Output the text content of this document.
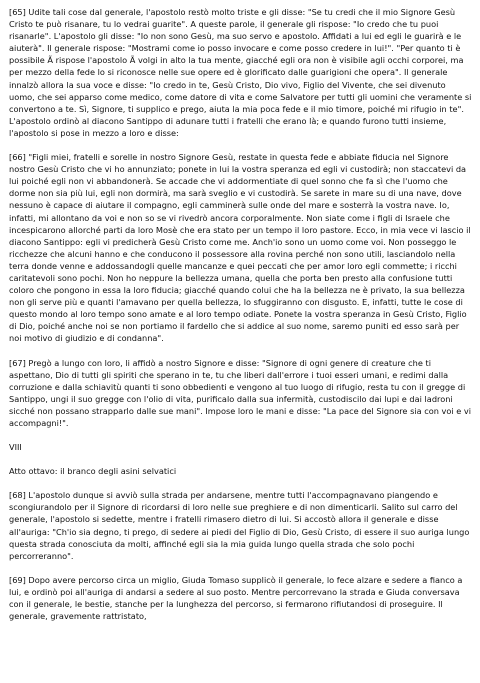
[65] Udite tali cose dal generale, l'apostolo restò molto triste e gli disse: "Se tu credi che il mio Signore Gesù Cristo te può risanare, tu lo vedrai guarite". A queste parole, il generale gli rispose: "Io credo che tu puoi risanarle". L'apostolo gli disse: "Io non sono Gesù, ma suo servo e apostolo. Affidati a lui ed egli le guarirà e le aiuterà". Il generale rispose: "Mostrami come io posso invocare e come posso credere in lui!". "Per quanto ti è possibile Ã rispose l'apostolo Ã volgi in alto la tua mente, giacché egli ora non è visibile agli occhi corporei, ma per mezzo della fede lo si riconosce nelle sue opere ed è glorificato dalle guarigioni che opera". Il generale innalzò allora la sua voce e disse: "Io credo in te, Gesù Cristo, Dio vivo, Figlio del Vivente, che sei divenuto uomo, che sei apparso come medico, come datore di vita e come Salvatore per tutti gli uomini che veramente si convertono a te. Sì, Signore, ti supplico e prego, aiuta la mia poca fede e il mio timore, poiché mi rifugio in te". L'apostolo ordinò al diacono Santippo di adunare tutti i fratelli che erano là; e quando furono tutti insieme, l'apostolo si pose in mezzo a loro e disse:

[66] "Figli miei, fratelli e sorelle in nostro Signore Gesù, restate in questa fede e abbiate fiducia nel Signore nostro Gesù Cristo che vi ho annunziato; ponete in lui la vostra speranza ed egli vi custodirà; non staccatevi da lui poiché egli non vi abbandonerà. Se accade che vi addormentiate di quel sonno che fa sì che l'uomo che dorme non sia più lui, egli non dormirà, ma sarà sveglio e vi custodirà. Se sarete in mare su di una nave, dove nessuno è capace di aiutare il compagno, egli camminerà sulle onde del mare e sosterrà la vostra nave. Io, infatti, mi allontano da voi e non so se vi rivedrò ancora corporalmente. Non siate come i figli di Israele che incespicarono allorché parti da loro Mosè che era stato per un tempo il loro pastore. Ecco, in mia vece vi lascio il diacono Santippo: egli vi predicherà Gesù Cristo come me. Anch'io sono un uomo come voi. Non posseggo le ricchezze che alcuni hanno e che conducono il possessore alla rovina perché non sono utili, lasciandolo nella terra donde venne e addossandogli quelle mancanze e quei peccati che per amor loro egli commette; i ricchi caritatevoli sono pochi. Non ho neppure la bellezza umana, quella che porta ben presto alla confusione tutti coloro che pongono in essa la loro fiducia; giacché quando colui che ha la bellezza ne è privato, la sua bellezza non gli serve più e quanti l'amavano per quella bellezza, lo sfuggiranno con disgusto. E, infatti, tutte le cose di questo mondo al loro tempo sono amate e al loro tempo odiate. Ponete la vostra speranza in Gesù Cristo, Figlio di Dio, poiché anche noi se non portiamo il fardello che si addice al suo nome, saremo puniti ed esso sarà per noi motivo di giudizio e di condanna".

[67] Pregò a lungo con loro, li affidò a nostro Signore e disse: "Signore di ogni genere di creature che ti aspettano, Dio di tutti gli spiriti che sperano in te, tu che liberi dall'errore i tuoi esseri umani, e redimi dalla corruzione e dalla schiavitù quanti ti sono obbedienti e vengono al tuo luogo di rifugio, resta tu con il gregge di Santippo, ungi il suo gregge con l'olio di vita, purificalo dalla sua infermità, custodiscilo dai lupi e dai ladroni sicché non possano strapparlo dalle sue mani". Impose loro le mani e disse: "La pace del Signore sia con voi e vi accompagni!".

VIII

Atto ottavo: il branco degli asini selvatici

[68] L'apostolo dunque si avviò sulla strada per andarsene, mentre tutti l'accompagnavano piangendo e scongiurandolo per il Signore di ricordarsi di loro nelle sue preghiere e di non dimenticarli. Salito sul carro del generale, l'apostolo si sedette, mentre i fratelli rimasero dietro di lui. Si accostò allora il generale e disse all'auriga: "Ch'io sia degno, ti prego, di sedere ai piedi del Figlio di Dio, Gesù Cristo, di essere il suo auriga lungo questa strada conosciuta da molti, affinché egli sia la mia guida lungo quella strada che solo pochi percorreranno".

[69] Dopo avere percorso circa un miglio, Giuda Tomaso supplicò il generale, lo fece alzare e sedere a fianco a lui, e ordinò poi all'auriga di andarsi a sedere al suo posto. Mentre percorrevano la strada e Giuda conversava con il generale, le bestie, stanche per la lunghezza del percorso, si fermarono rifiutandosi di proseguire. Il generale, gravemente rattristato,
